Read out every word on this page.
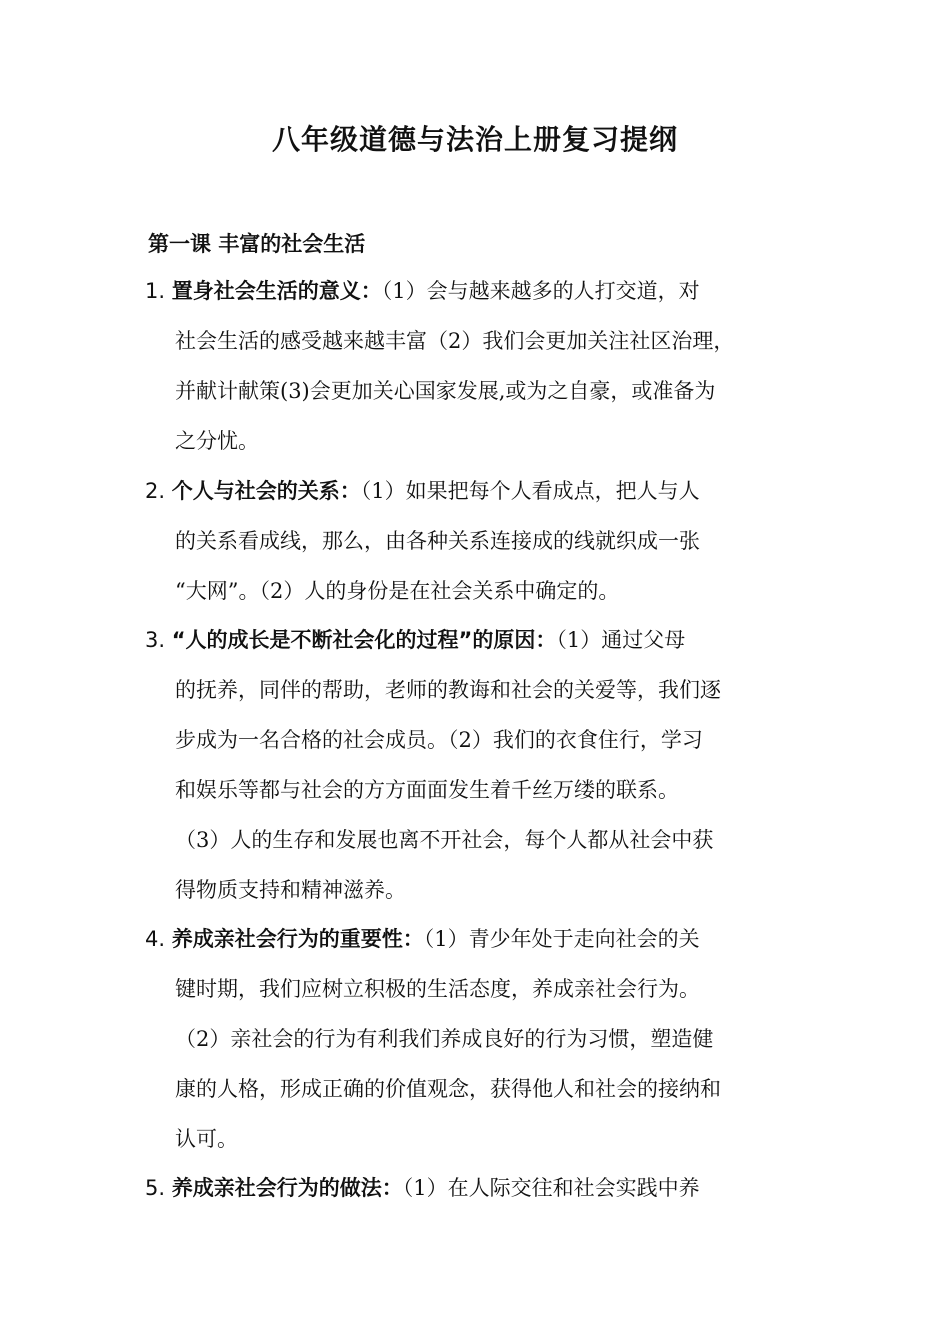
八年级道德与法治上册复习提纲
第一课 丰富的社会生活
1. 置身社会生活的意义：（1）会与越来越多的人打交道，对
社会生活的感受越来越丰富（2）我们会更加关注社区治理，
并献计献策(3)会更加关心国家发展,或为之自豪，或准备为
之分忧。
2. 个人与社会的关系：（1）如果把每个人看成点，把人与人
的关系看成线，那么，由各种关系连接成的线就织成一张
“大网”。（2）人的身份是在社会关系中确定的。
3. “人的成长是不断社会化的过程”的原因：（1）通过父母
的抚养，同伴的帮助，老师的教诲和社会的关爱等，我们逐
步成为一名合格的社会成员。（2）我们的衣食住行，学习
和娱乐等都与社会的方方面面发生着千丝万缕的联系。
（3）人的生存和发展也离不开社会，每个人都从社会中获
得物质支持和精神滋养。
4. 养成亲社会行为的重要性：（1）青少年处于走向社会的关
键时期，我们应树立积极的生活态度，养成亲社会行为。
（2）亲社会的行为有利我们养成良好的行为习惯，塑造健
康的人格，形成正确的价值观念，获得他人和社会的接纳和
认可。
5. 养成亲社会行为的做法：（1）在人际交往和社会实践中养
